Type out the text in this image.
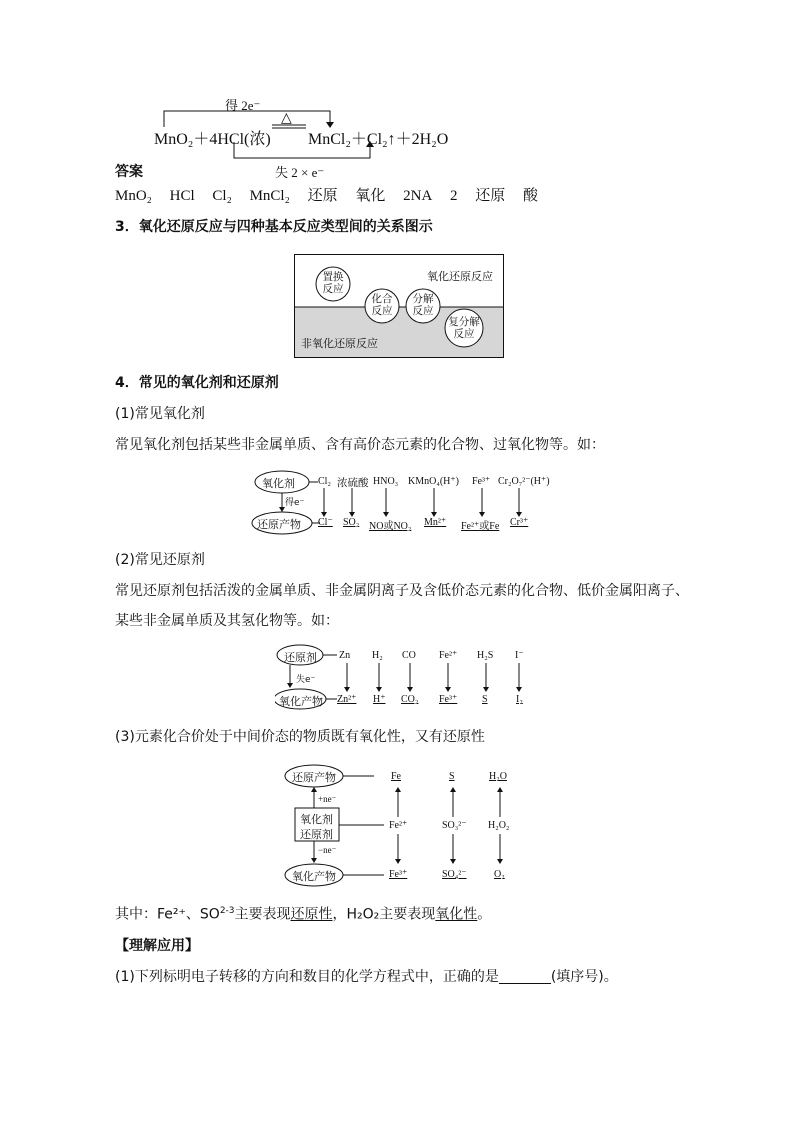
得 2e⁻
MnO₂＋4HCl(浓)
△
MnCl₂＋Cl₂↑＋2H₂O
失 2 × e⁻
答案
MnO₂ HCl Cl₂ MnCl₂ 还原 氧化 2NA 2 还原 酸
3．氧化还原反应与四种基本反应类型间的关系图示
氧化还原反应
非氧化还原反应
置换
反应
化合
反应
分解
反应
复分解
反应
4．常见的氧化剂和还原剂
(1)常见氧化剂
常见氧化剂包括某些非金属单质、含有高价态元素的化合物、过氧化物等。如：
氧化剂
还原产物
得e⁻
Cl₂ 浓硫酸 HNO₃ KMnO₄(H⁺) Fe³⁺ Cr₂O₇²⁻(H⁺)
Cl⁻ SO₂ NO或NO₂ Mn²⁺ Fe²⁺或Fe Cr³⁺
(2)常见还原剂
常见还原剂包括活泼的金属单质、非金属阴离子及含低价态元素的化合物、低价金属阳离子、
某些非金属单质及其氢化物等。如：
还原剂
氧化产物
失e⁻
Zn H₂ CO Fe²⁺ H₂S I⁻
Zn²⁺ H⁺ CO₂ Fe³⁺ S	I₂
(3)元素化合价处于中间价态的物质既有氧化性，又有还原性
还原产物
氧化剂
还原剂
氧化产物
+ne⁻
−ne⁻
Fe	S	H₂O
Fe²⁺	SO₃²⁻ H₂O₂
Fe³⁺	SO₄²⁻	O₂
其中：Fe²⁺、SO$^{2-3}$主要表现还原性，H₂O₂主要表现氧化性。
【理解应用】
(1)下列标明电子转移的方向和数目的化学方程式中，正确的是	(填序号)。
